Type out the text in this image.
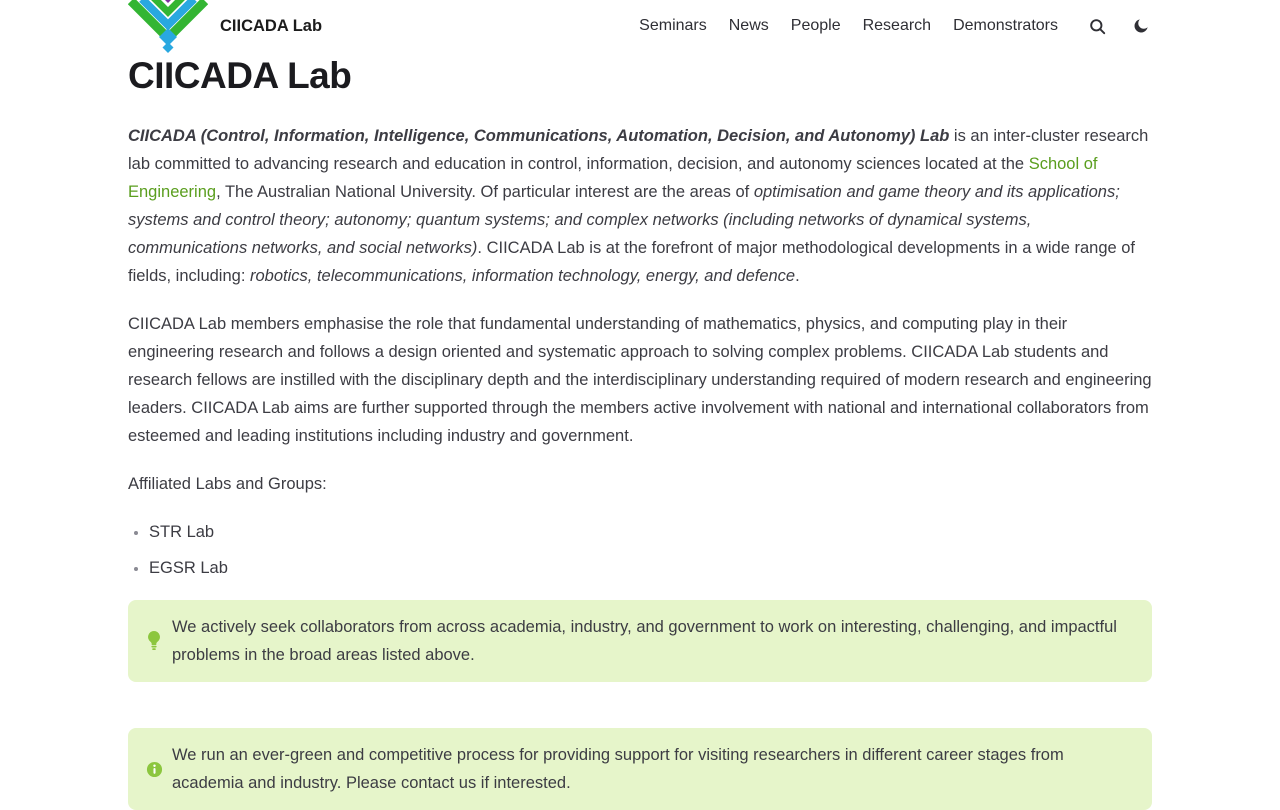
CIICADA Lab	Seminars News People Research Demonstrators
CIICADA Lab

CIICADA (Control, Information, Intelligence, Communications, Automation, Decision, and Autonomy) Lab is an inter-cluster research lab committed to advancing research and education in control, information, decision, and autonomy sciences located at the School of Engineering, The Australian National University. Of particular interest are the areas of optimisation and game theory and its applications; systems and control theory; autonomy; quantum systems; and complex networks (including networks of dynamical systems, communications networks, and social networks). CIICADA Lab is at the forefront of major methodological developments in a wide range of fields, including: robotics, telecommunications, information technology, energy, and defence.

CIICADA Lab members emphasise the role that fundamental understanding of mathematics, physics, and computing play in their engineering research and follows a design oriented and systematic approach to solving complex problems. CIICADA Lab students and research fellows are instilled with the disciplinary depth and the interdisciplinary understanding required of modern research and engineering leaders. CIICADA Lab aims are further supported through the members active involvement with national and international collaborators from esteemed and leading institutions including industry and government.

Affiliated Labs and Groups:

• STR Lab
• EGSR Lab
We actively seek collaborators from across academia, industry, and government to work on interesting, challenging, and impactful problems in the broad areas listed above.
We run an ever-green and competitive process for providing support for visiting researchers in different career stages from academia and industry. Please contact us if interested.
